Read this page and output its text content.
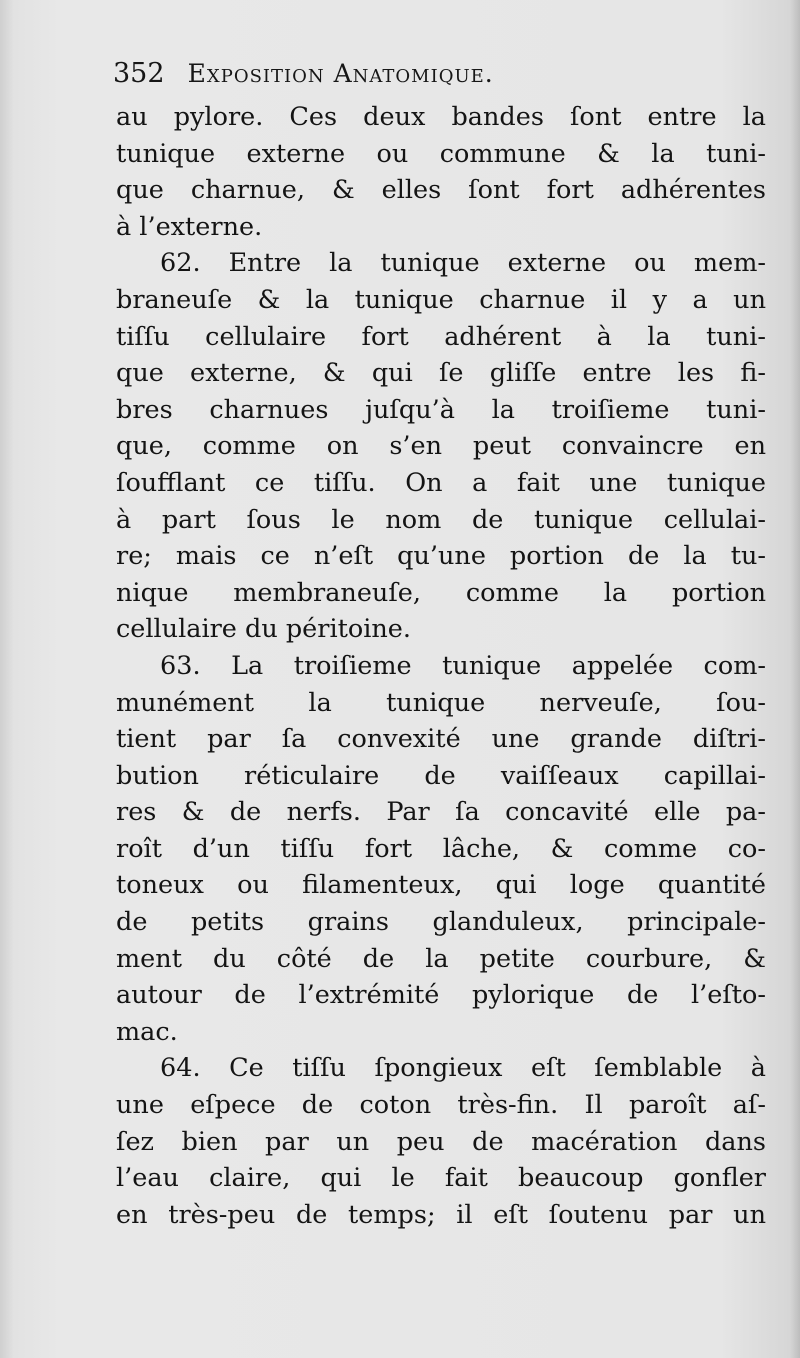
352 Exposition Anatomique.
au pylore. Ces deux bandes ſont entre la
tunique externe ou commune & la tuni-
que charnue, & elles ſont fort adhérentes
à l’externe.
62. Entre la tunique externe ou mem-
braneuſe & la tunique charnue il y a un
tiſſu cellulaire fort adhérent à la tuni-
que externe, & qui ſe gliſſe entre les fi-
bres charnues juſqu’à la troiſieme tuni-
que, comme on s’en peut convaincre en
ſoufflant ce tiſſu. On a fait une tunique
à part ſous le nom de tunique cellulai-
re; mais ce n’eſt qu’une portion de la tu-
nique membraneuſe, comme la portion
cellulaire du péritoine.
63. La troiſieme tunique appelée com-
munément la tunique nerveuſe, ſou-
tient par ſa convexité une grande diſtri-
bution réticulaire de vaiſſeaux capillai-
res & de nerfs. Par ſa concavité elle pa-
roît d’un tiſſu fort lâche, & comme co-
toneux ou filamenteux, qui loge quantité
de petits grains glanduleux, principale-
ment du côté de la petite courbure, &
autour de l’extrémité pylorique de l’eſto-
mac.
64. Ce tiſſu ſpongieux eſt ſemblable à
une eſpece de coton très-fin. Il paroît aſ-
ſez bien par un peu de macération dans
l’eau claire, qui le fait beaucoup gonfler
en très-peu de temps; il eſt ſoutenu par un
